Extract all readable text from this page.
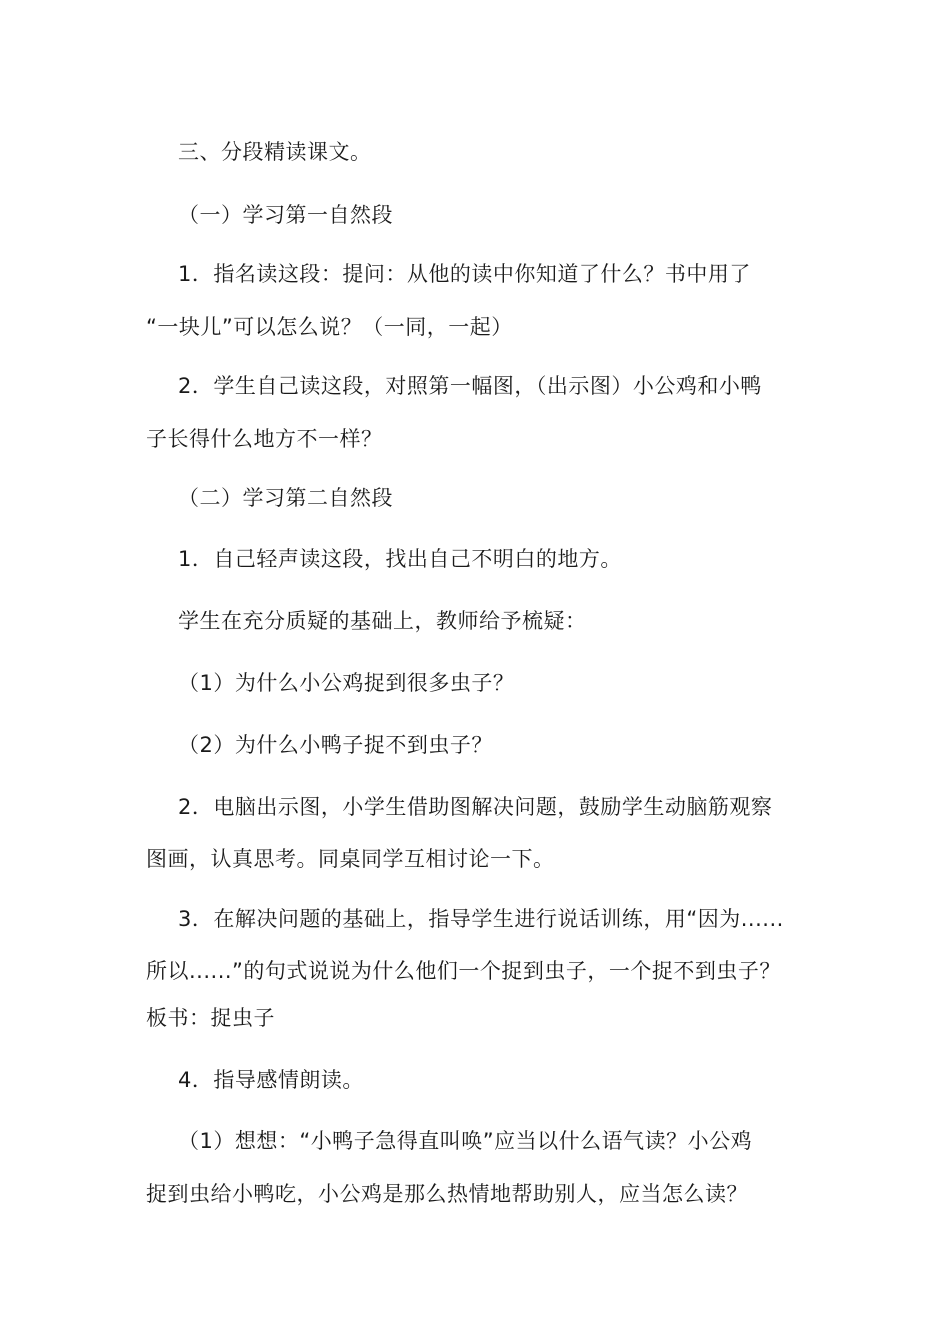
三、分段精读课文。
（一）学习第一自然段
1．指名读这段：提问：从他的读中你知道了什么？书中用了
“一块儿”可以怎么说？（一同，一起）
2．学生自己读这段，对照第一幅图，（出示图）小公鸡和小鸭
子长得什么地方不一样？
（二）学习第二自然段
1．自己轻声读这段，找出自己不明白的地方。
学生在充分质疑的基础上，教师给予梳疑：
（1）为什么小公鸡捉到很多虫子？
（2）为什么小鸭子捉不到虫子？
2．电脑出示图，小学生借助图解决问题，鼓励学生动脑筋观察
图画，认真思考。同桌同学互相讨论一下。
3．在解决问题的基础上，指导学生进行说话训练，用“因为......
所以......”的句式说说为什么他们一个捉到虫子，一个捉不到虫子？
板书：捉虫子
4．指导感情朗读。
（1）想想：“小鸭子急得直叫唤”应当以什么语气读？小公鸡
捉到虫给小鸭吃，小公鸡是那么热情地帮助别人，应当怎么读？
